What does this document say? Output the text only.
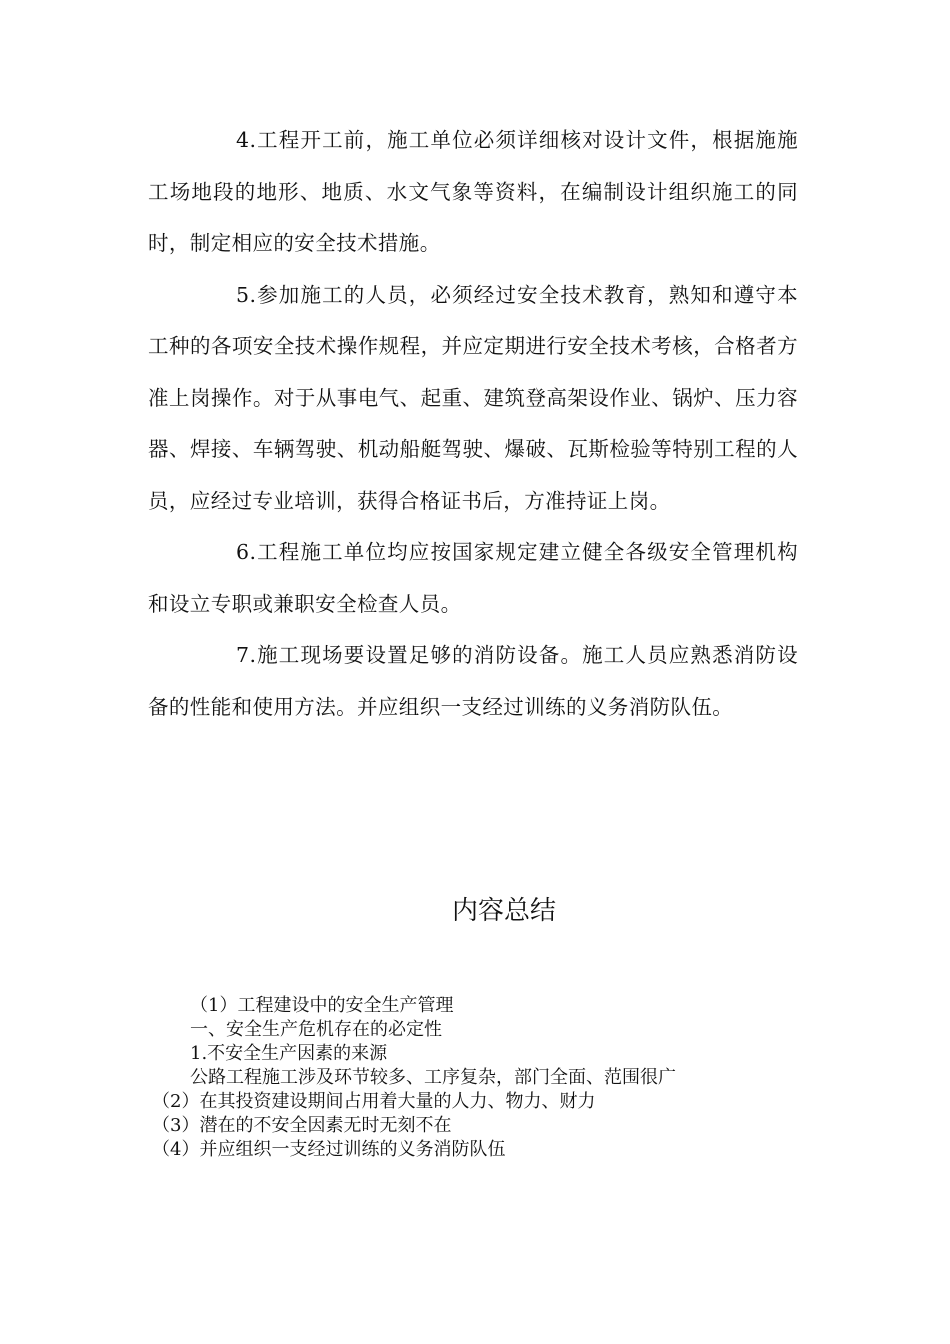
4.工程开工前，施工单位必须详细核对设计文件，根据施施工场地段的地形、地质、水文气象等资料，在编制设计组织施工的同时，制定相应的安全技术措施。

5.参加施工的人员，必须经过安全技术教育，熟知和遵守本工种的各项安全技术操作规程，并应定期进行安全技术考核，合格者方准上岗操作。对于从事电气、起重、建筑登高架设作业、锅炉、压力容器、焊接、车辆驾驶、机动船艇驾驶、爆破、瓦斯检验等特别工程的人员，应经过专业培训，获得合格证书后，方准持证上岗。

6.工程施工单位均应按国家规定建立健全各级安全管理机构和设立专职或兼职安全检查人员。

7.施工现场要设置足够的消防设备。施工人员应熟悉消防设备的性能和使用方法。并应组织一支经过训练的义务消防队伍。

内容总结
（1）工程建设中的安全生产管理
一、安全生产危机存在的必定性
1.不安全生产因素的来源
公路工程施工涉及环节较多、工序复杂，部门全面、范围很广
（2）在其投资建设期间占用着大量的人力、物力、财力
（3）潜在的不安全因素无时无刻不在
（4）并应组织一支经过训练的义务消防队伍
